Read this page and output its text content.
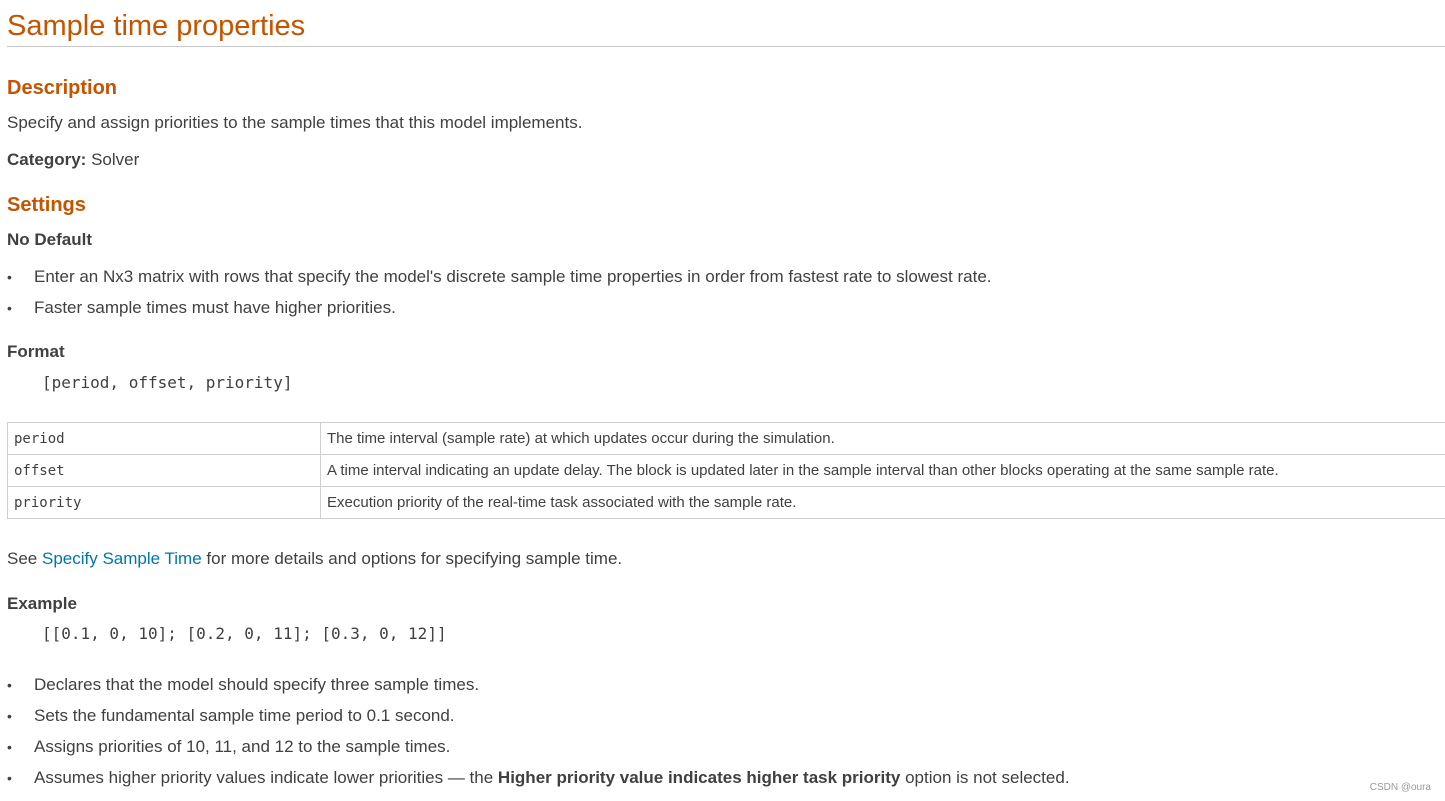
Sample time properties
Description

Specify and assign priorities to the sample times that this model implements.

Category: Solver

Settings
No Default
• Enter an Nx3 matrix with rows that specify the model's discrete sample time properties in order from fastest rate to slowest rate.
• Faster sample times must have higher priorities.
Format
[period, offset, priority]
period	The time interval (sample rate) at which updates occur during the simulation.
offset	A time interval indicating an update delay. The block is updated later in the sample interval than other blocks operating at the same sample rate.
priority	Execution priority of the real-time task associated with the sample rate.

See Specify Sample Time for more details and options for specifying sample time.

Example
[[0.1, 0, 10]; [0.2, 0, 11]; [0.3, 0, 12]]
• Declares that the model should specify three sample times.
• Sets the fundamental sample time period to 0.1 second.
• Assigns priorities of 10, 11, and 12 to the sample times.
• Assumes higher priority values indicate lower priorities — the Higher priority value indicates higher task priority option is not selected.
CSDN @oura
